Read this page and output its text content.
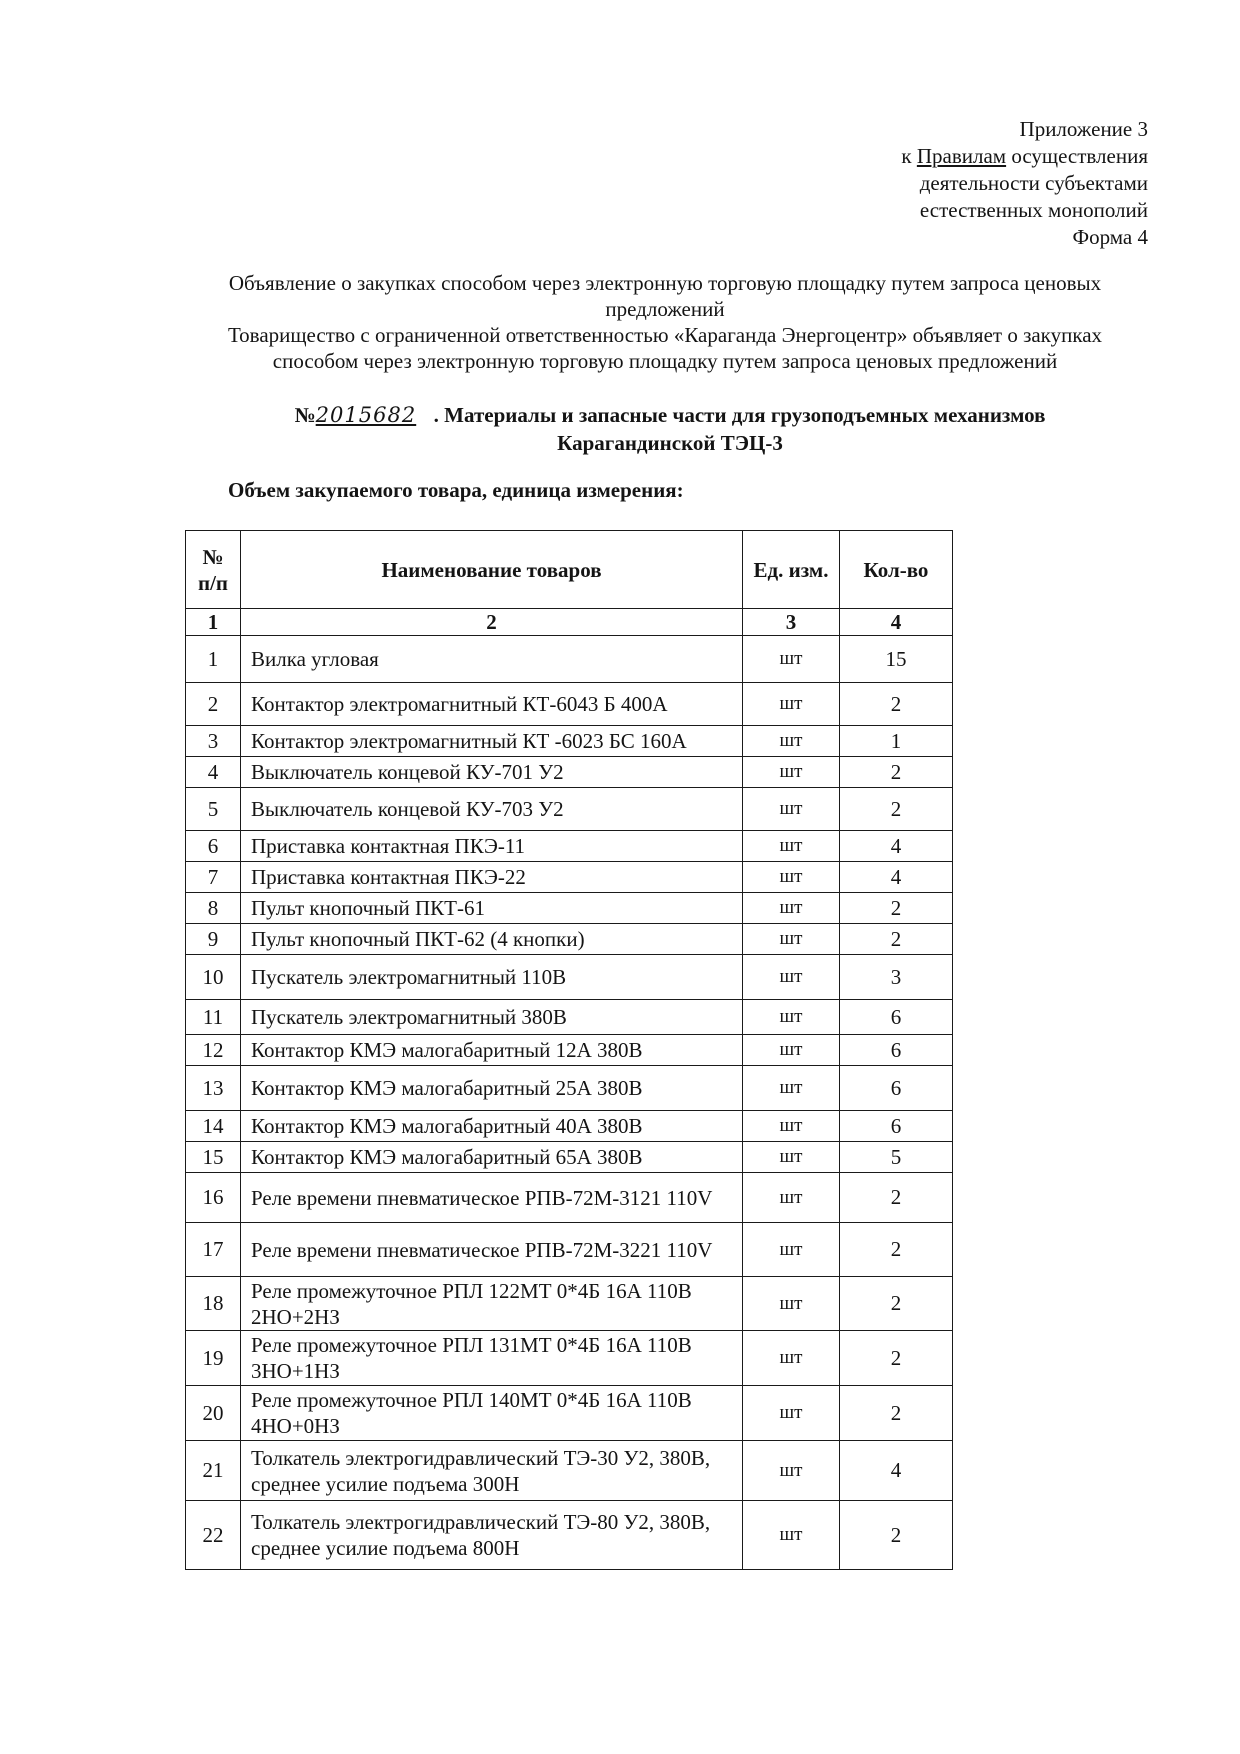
Приложение 3
к Правилам осуществления
деятельности субъектами
естественных монополий
Форма 4
Объявление о закупках способом через электронную торговую площадку путем запроса ценовых
предложений
Товарищество с ограниченной ответственностью «Караганда Энергоцентр» объявляет о закупках
способом через электронную торговую площадку путем запроса ценовых предложений
№2015682 . Материалы и запасные части для грузоподъемных механизмов
Карагандинской ТЭЦ-3
Объем закупаемого товара, единица измерения:
№ п/п	Наименование товаров	Ед. изм.	Кол-во
1	2	3	4
1	Вилка угловая	шт	15
2	Контактор электромагнитный КТ-6043 Б 400А	шт	2
3	Контактор электромагнитный КТ -6023 БС 160А	шт	1
4	Выключатель концевой КУ-701 У2	шт	2
5	Выключатель концевой КУ-703 У2	шт	2
6	Приставка контактная ПКЭ-11	шт	4
7	Приставка контактная ПКЭ-22	шт	4
8	Пульт кнопочный ПКТ-61	шт	2
9	Пульт кнопочный ПКТ-62 (4 кнопки)	шт	2
10	Пускатель электромагнитный 110В	шт	3
11	Пускатель электромагнитный 380В	шт	6
12	Контактор КМЭ малогабаритный 12А 380В	шт	6
13	Контактор КМЭ малогабаритный 25А 380В	шт	6
14	Контактор КМЭ малогабаритный 40А 380В	шт	6
15	Контактор КМЭ малогабаритный 65А 380В	шт	5
16	Реле времени пневматическое РПВ-72М-3121 110V	шт	2
17	Реле времени пневматическое РПВ-72М-3221 110V	шт	2
18	Реле промежуточное РПЛ 122МТ 0*4Б 16А 110В 2НО+2НЗ	шт	2
19	Реле промежуточное РПЛ 131МТ 0*4Б 16А 110В 3НО+1НЗ	шт	2
20	Реле промежуточное РПЛ 140МТ 0*4Б 16А 110В 4НО+0НЗ	шт	2
21	Толкатель электрогидравлический ТЭ-30 У2, 380В, среднее усилие подъема 300Н	шт	4
22	Толкатель электрогидравлический ТЭ-80 У2, 380В, среднее усилие подъема 800Н	шт	2
